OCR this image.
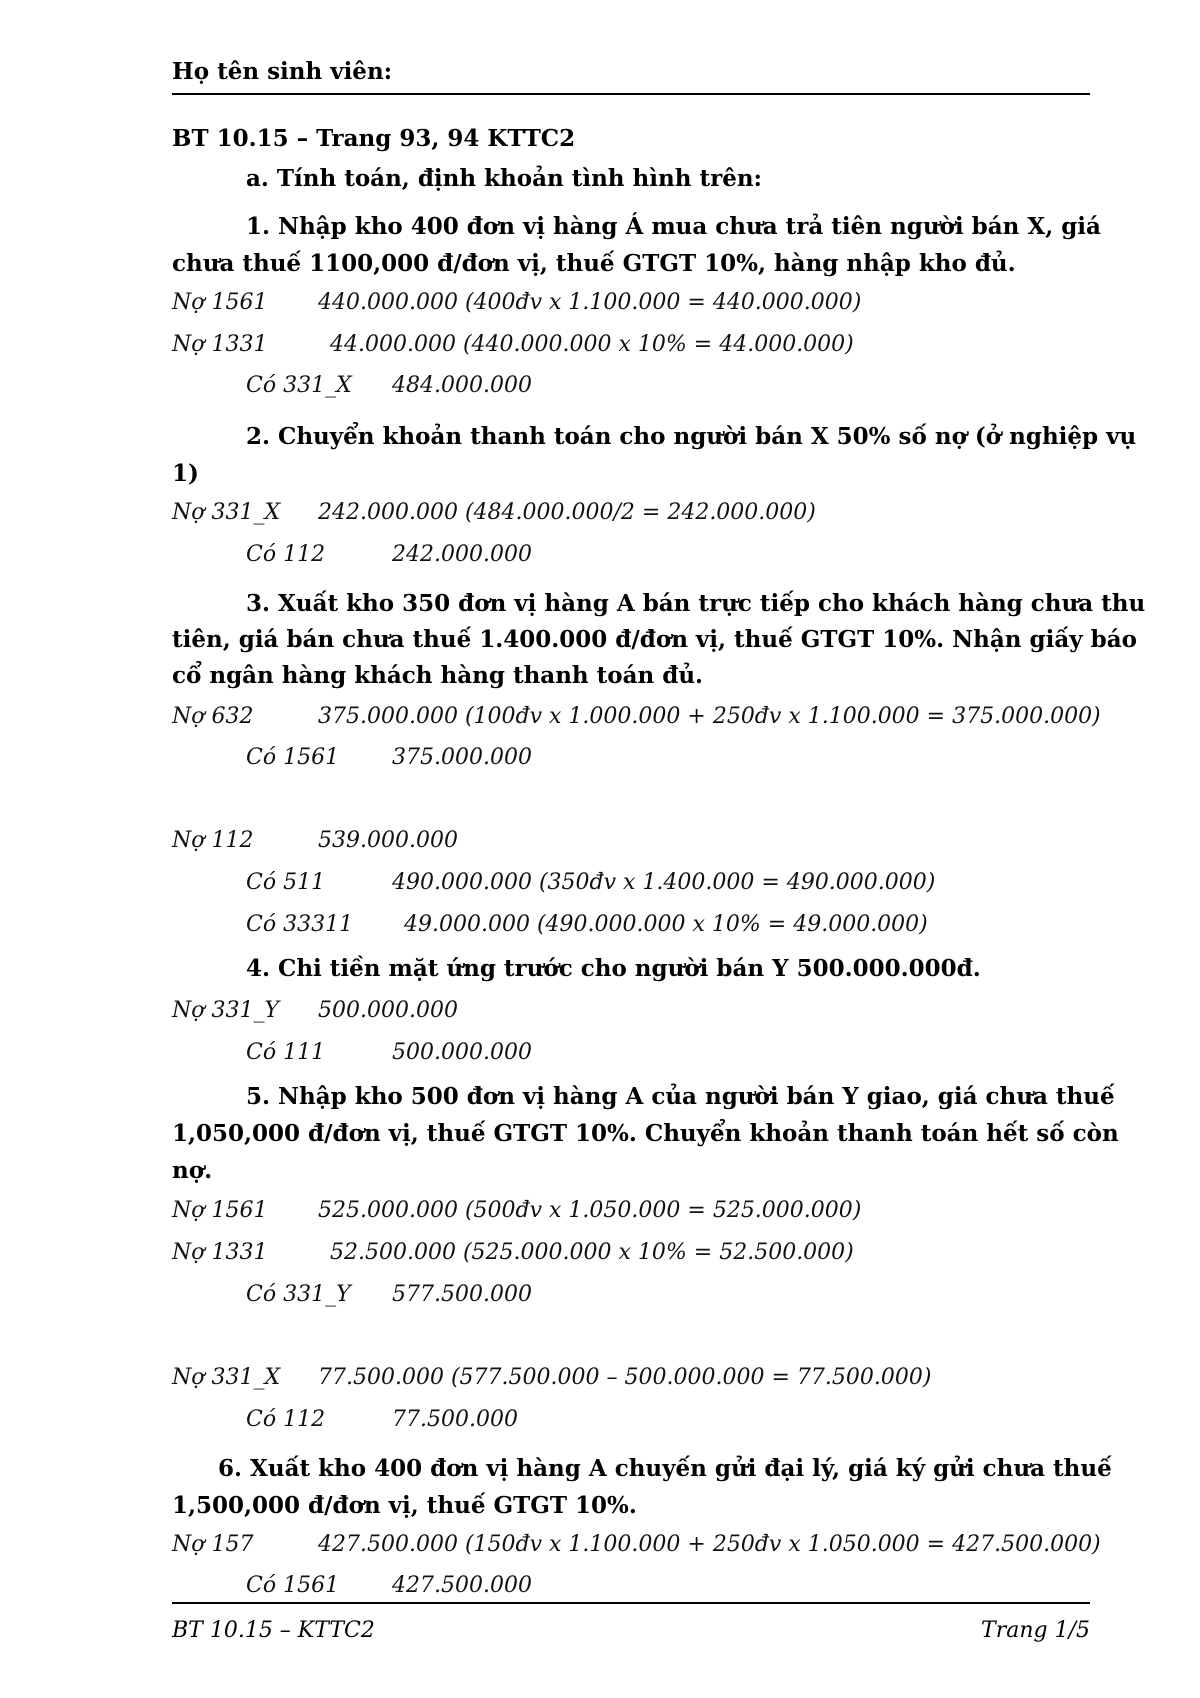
Họ tên sinh viên:
BT 10.15 – Trang 93, 94 KTTC2
a. Tính toán, định khoản tình hình trên:
1. Nhập kho 400 đơn vị hàng Á mua chưa trả tiên người bán X, giá
chưa thuế 1100,000 đ/đơn vị, thuế GTGT 10%, hàng nhập kho đủ.
Nợ 1561 440.000.000 (400đv x 1.100.000 = 440.000.000)
Nợ 1331	44.000.000 (440.000.000 x 10% = 44.000.000)
Có 331_X 484.000.000
2. Chuyển khoản thanh toán cho người bán X 50% số nợ (ở nghiệp vụ
1)
Nợ 331_X 242.000.000 (484.000.000/2 = 242.000.000)
Có 112	242.000.000
3. Xuất kho 350 đơn vị hàng A bán trực tiếp cho khách hàng chưa thu
tiên, giá bán chưa thuế 1.400.000 đ/đơn vị, thuế GTGT 10%. Nhận giấy báo
cổ ngân hàng khách hàng thanh toán đủ.
Nợ 632	375.000.000 (100đv x 1.000.000 + 250đv x 1.100.000 = 375.000.000)
Có 1561 375.000.000
Nợ 112	539.000.000
Có 511	490.000.000 (350đv x 1.400.000 = 490.000.000)
Có 33311 49.000.000 (490.000.000 x 10% = 49.000.000)
4. Chi tiền mặt ứng trước cho người bán Y 500.000.000đ.
Nợ 331_Y 500.000.000
Có 111	500.000.000
5. Nhập kho 500 đơn vị hàng A của người bán Y giao, giá chưa thuế
1,050,000 đ/đơn vị, thuế GTGT 10%. Chuyển khoản thanh toán hết số còn
nợ.
Nợ 1561 525.000.000 (500đv x 1.050.000 = 525.000.000)
Nợ 1331	52.500.000 (525.000.000 x 10% = 52.500.000)
Có 331_Y 577.500.000
Nợ 331_X 77.500.000 (577.500.000 – 500.000.000 = 77.500.000)
Có 112	77.500.000
6. Xuất kho 400 đơn vị hàng A chuyến gửi đại lý, giá ký gửi chưa thuế
1,500,000 đ/đơn vị, thuế GTGT 10%.
Nợ 157	427.500.000 (150đv x 1.100.000 + 250đv x 1.050.000 = 427.500.000)
Có 1561 427.500.000
BT 10.15 – KTTC2	Trang 1/5
